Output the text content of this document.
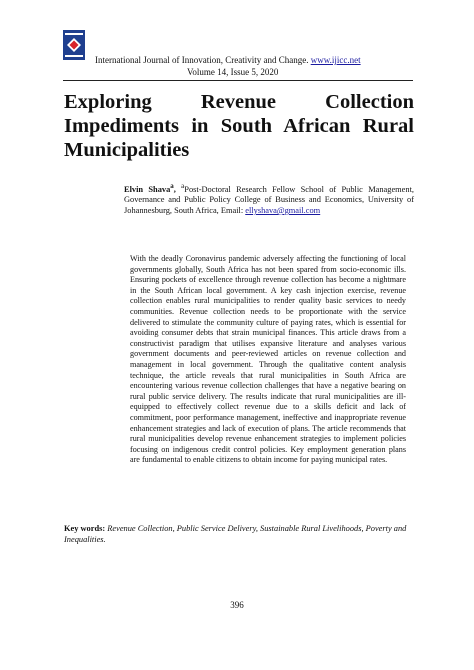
International Journal of Innovation, Creativity and Change. www.ijicc.net
Volume 14, Issue 5, 2020
Exploring Revenue Collection Impediments in South African Rural Municipalities
Elvin Shava$^a$, $^a$Post-Doctoral Research Fellow School of Public Management, Governance and Public Policy College of Business and Economics, University of Johannesburg, South Africa, Email: ellyshava@gmail.com
With the deadly Coronavirus pandemic adversely affecting the functioning of local governments globally, South Africa has not been spared from socio-economic ills. Ensuring pockets of excellence through revenue collection has become a nightmare in the South African local government. A key cash injection exercise, revenue collection enables rural municipalities to render quality basic services to needy communities. Revenue collection needs to be proportionate with the service delivered to stimulate the community culture of paying rates, which is essential for avoiding consumer debts that strain municipal finances. This article draws from a constructivist paradigm that utilises expansive literature and analyses various government documents and peer-reviewed articles on revenue collection and management in local government. Through the qualitative content analysis technique, the article reveals that rural municipalities in South Africa are encountering various revenue collection challenges that have a negative bearing on rural public service delivery. The results indicate that rural municipalities are ill-equipped to effectively collect revenue due to a skills deficit and lack of commitment, poor performance management, ineffective and inappropriate revenue enhancement strategies and lack of execution of plans. The article recommends that rural municipalities develop revenue enhancement strategies to implement policies focusing on indigenous credit control policies. Key employment generation plans are fundamental to enable citizens to obtain income for paying municipal rates.
Key words: Revenue Collection, Public Service Delivery, Sustainable Rural Livelihoods, Poverty and Inequalities.
396
